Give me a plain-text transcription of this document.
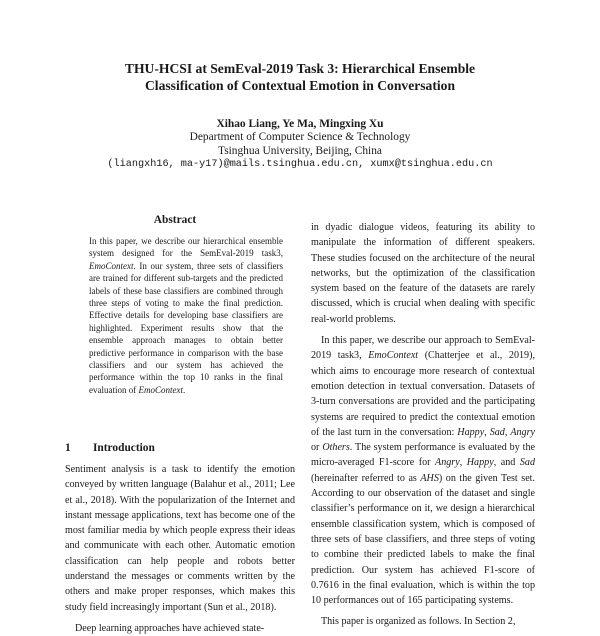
THU-HCSI at SemEval-2019 Task 3: Hierarchical Ensemble
Classification of Contextual Emotion in Conversation
Xihao Liang, Ye Ma, Mingxing Xu
Department of Computer Science & Technology
Tsinghua University, Beijing, China
(liangxh16, ma-y17)@mails.tsinghua.edu.cn, xumx@tsinghua.edu.cn
Abstract
In this paper, we describe our hierarchical ensemble system designed for the SemEval-2019 task3, EmoContext. In our system, three sets of classifiers are trained for different sub-targets and the predicted labels of these base classifiers are combined through three steps of voting to make the final prediction. Effective details for developing base classifiers are highlighted. Experiment results show that the ensemble approach manages to obtain better predictive performance in comparison with the base classifiers and our system has achieved the performance within the top 10 ranks in the final evaluation of EmoContext.
1 Introduction

Sentiment analysis is a task to identify the emotion conveyed by written language (Balahur et al., 2011; Lee et al., 2018). With the popularization of the Internet and instant message applications, text has become one of the most familiar media by which people express their ideas and communicate with each other. Automatic emotion classification can help people and robots better understand the messages or comments written by the others and make proper responses, which makes this study field increasingly important (Sun et al., 2018).

Deep learning approaches have achieved state-

in dyadic dialogue videos, featuring its ability to manipulate the information of different speakers. These studies focused on the architecture of the neural networks, but the optimization of the classification system based on the feature of the datasets are rarely discussed, which is crucial when dealing with specific real-world problems.

In this paper, we describe our approach to SemEval-2019 task3, EmoContext (Chatterjee et al., 2019), which aims to encourage more research of contextual emotion detection in textual conversation. Datasets of 3-turn conversations are provided and the participating systems are required to predict the contextual emotion of the last turn in the conversation: Happy, Sad, Angry or Others. The system performance is evaluated by the micro-averaged F1-score for Angry, Happy, and Sad (hereinafter referred to as AHS) on the given Test set. According to our observation of the dataset and single classifier’s performance on it, we design a hierarchical ensemble classification system, which is composed of three sets of base classifiers, and three steps of voting to combine their predicted labels to make the final prediction. Our system has achieved F1-score of 0.7616 in the final evaluation, which is within the top 10 performances out of 165 participating systems.

This paper is organized as follows. In Section 2,
